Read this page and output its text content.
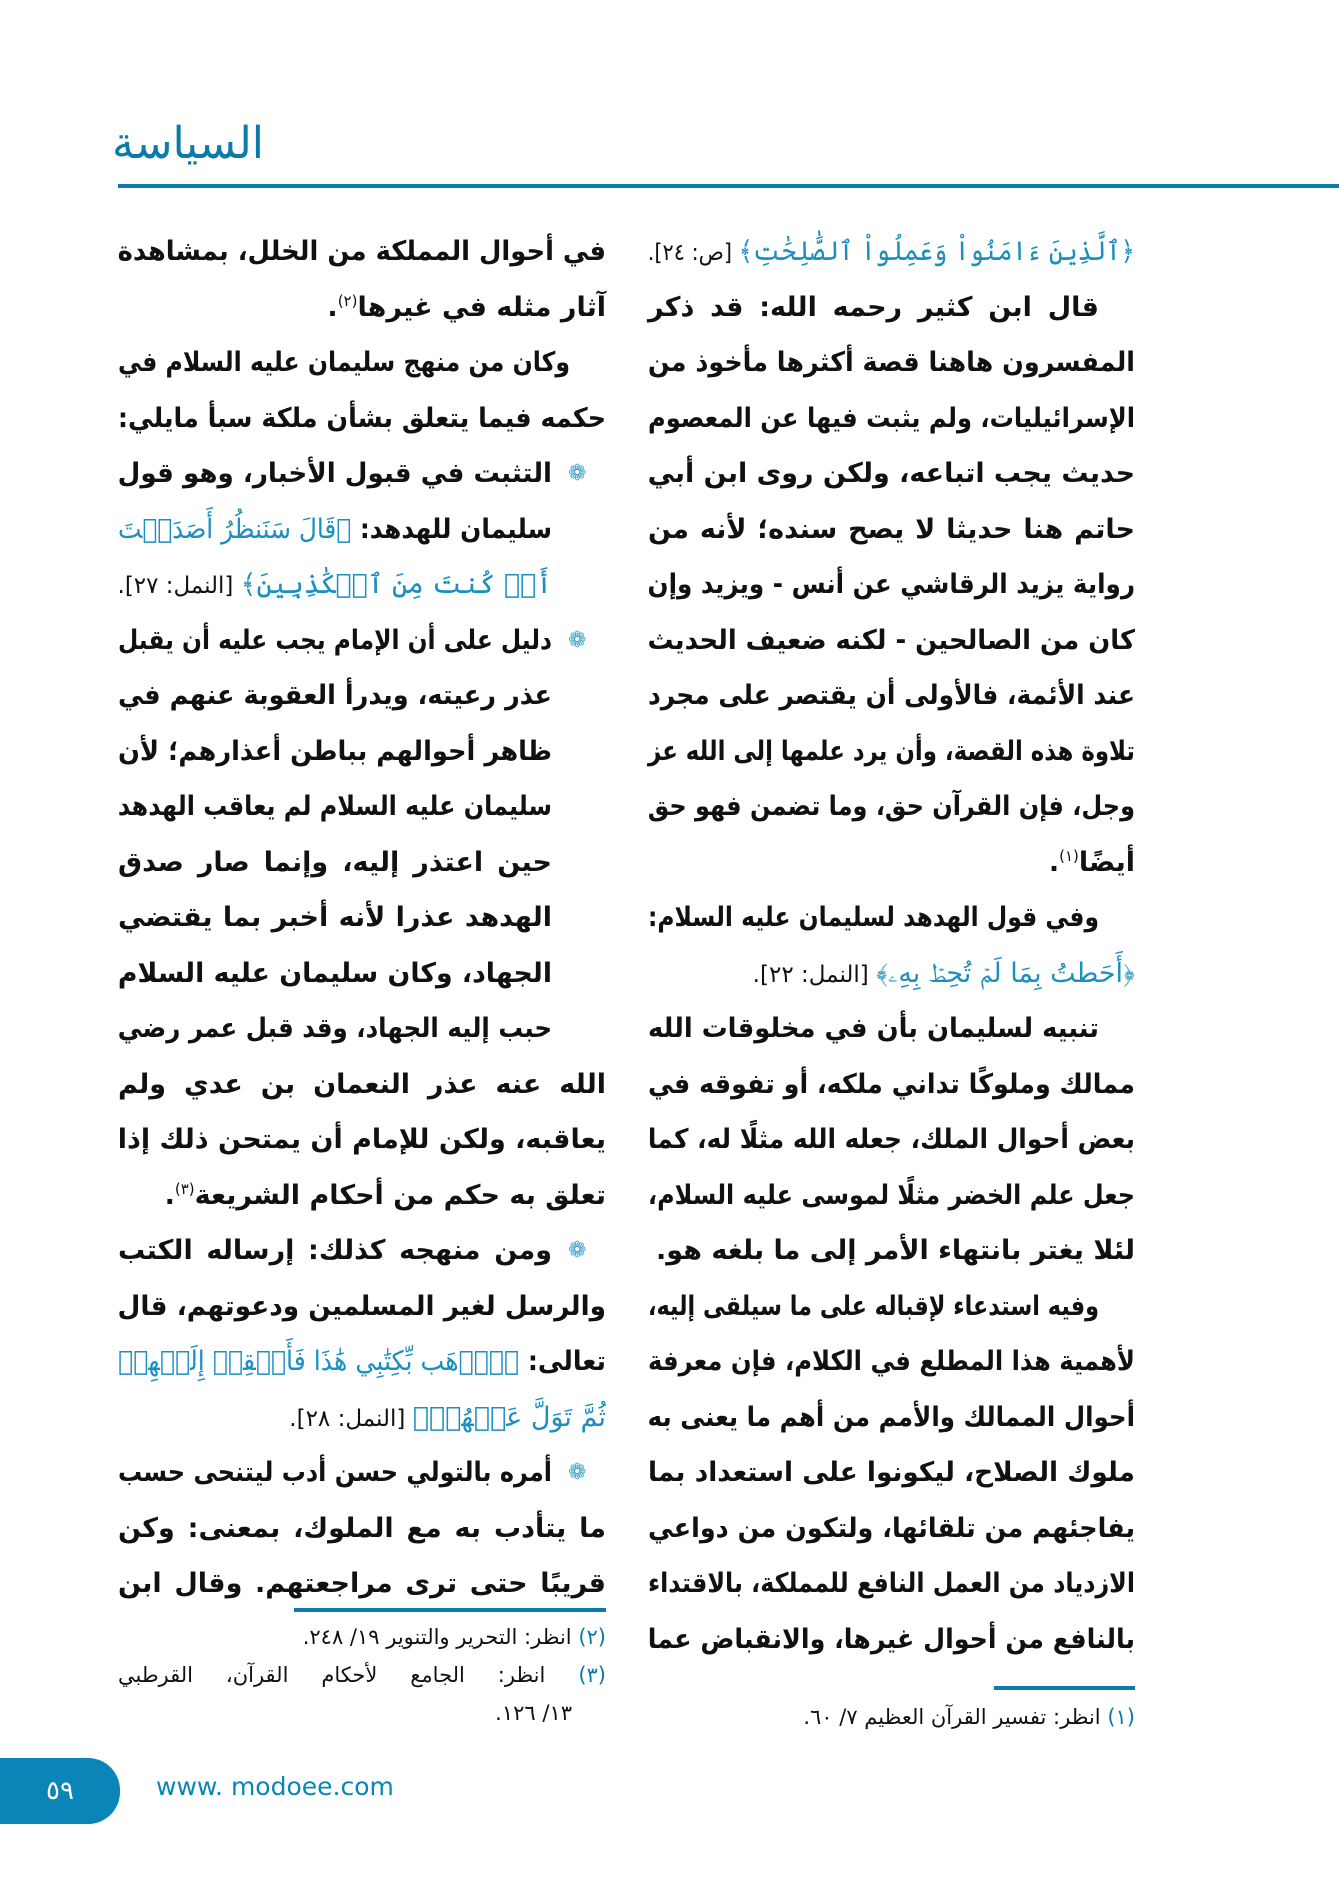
السياسة
٥٩	www. modoee.com
﴿ٱلَّذِينَ ءَامَنُواْ وَعَمِلُواْ ٱلصَّٰلِحَٰتِ﴾ [ص: ٢٤].
قال ابن كثير رحمه الله: قد ذكر
المفسرون هاهنا قصة أكثرها مأخوذ من
الإسرائيليات، ولم يثبت فيها عن المعصوم
حديث يجب اتباعه، ولكن روى ابن أبي
حاتم هنا حديثا لا يصح سنده؛ لأنه من
رواية يزيد الرقاشي عن أنس - ويزيد وإن
كان من الصالحين - لكنه ضعيف الحديث
عند الأئمة، فالأولى أن يقتصر على مجرد
تلاوة هذه القصة، وأن يرد علمها إلى الله عز
وجل، فإن القرآن حق، وما تضمن فهو حق
أيضًا$^{(١)}$.
وفي قول الهدهد لسليمان عليه السلام:
﴿أَحَطتُ بِمَا لَمۡ تُحِطۡ بِهِۦ﴾ [النمل: ٢٢].
تنبيه لسليمان بأن في مخلوقات الله
ممالك وملوكًا تداني ملكه، أو تفوقه في
بعض أحوال الملك، جعله الله مثلًا له، كما
جعل علم الخضر مثلًا لموسى عليه السلام،
لئلا يغتر بانتهاء الأمر إلى ما بلغه هو.
وفيه استدعاء لإقباله على ما سيلقى إليه،
لأهمية هذا المطلع في الكلام، فإن معرفة
أحوال الممالك والأمم من أهم ما يعنى به
ملوك الصلاح، ليكونوا على استعداد بما
يفاجئهم من تلقائها، ولتكون من دواعي
الازدياد من العمل النافع للمملكة، بالاقتداء
بالنافع من أحوال غيرها، والانقباض عما
(١) انظر: تفسير القرآن العظيم ٧/ ٦٠.
في أحوال المملكة من الخلل، بمشاهدة
آثار مثله في غيرها$^{(٢)}$.
وكان من منهج سليمان عليه السلام في
حكمه فيما يتعلق بشأن ملكة سبأ مايلي:
التثبت في قبول الأخبار، وهو قول ❁
سليمان للهدهد: ﴿قَالَ سَنَنظُرُ أَصَدَقۡتَ
أَمۡ كُنتَ مِنَ ٱلۡكَٰذِبِينَ﴾ [النمل: ٢٧].
دليل على أن الإمام يجب عليه أن يقبل ❁
عذر رعيته، ويدرأ العقوبة عنهم في
ظاهر أحوالهم بباطن أعذارهم؛ لأن
سليمان عليه السلام لم يعاقب الهدهد
حين اعتذر إليه، وإنما صار صدق
الهدهد عذرا لأنه أخبر بما يقتضي
الجهاد، وكان سليمان عليه السلام
حبب إليه الجهاد، وقد قبل عمر رضي
الله عنه عذر النعمان بن عدي ولم
يعاقبه، ولكن للإمام أن يمتحن ذلك إذا
تعلق به حكم من أحكام الشريعة$^{(٣)}$.
ومن منهجه كذلك: إرساله الكتب ❁
والرسل لغير المسلمين ودعوتهم، قال
تعالى: ﴿ٱذۡهَب بِّكِتَٰبِي هَٰذَا فَأَلۡقِهۡ إِلَيۡهِمۡ
ثُمَّ تَوَلَّ عَنۡهُمۡ﴾ [النمل: ٢٨].
أمره بالتولي حسن أدب ليتنحى حسب ❁
ما يتأدب به مع الملوك، بمعنى: وكن
قريبًا حتى ترى مراجعتهم. وقال ابن
(٢) انظر: التحرير والتنوير ١٩/ ٢٤٨.
(٣) انظر: الجامع لأحكام القرآن، القرطبي
١٣/ ١٢٦.
